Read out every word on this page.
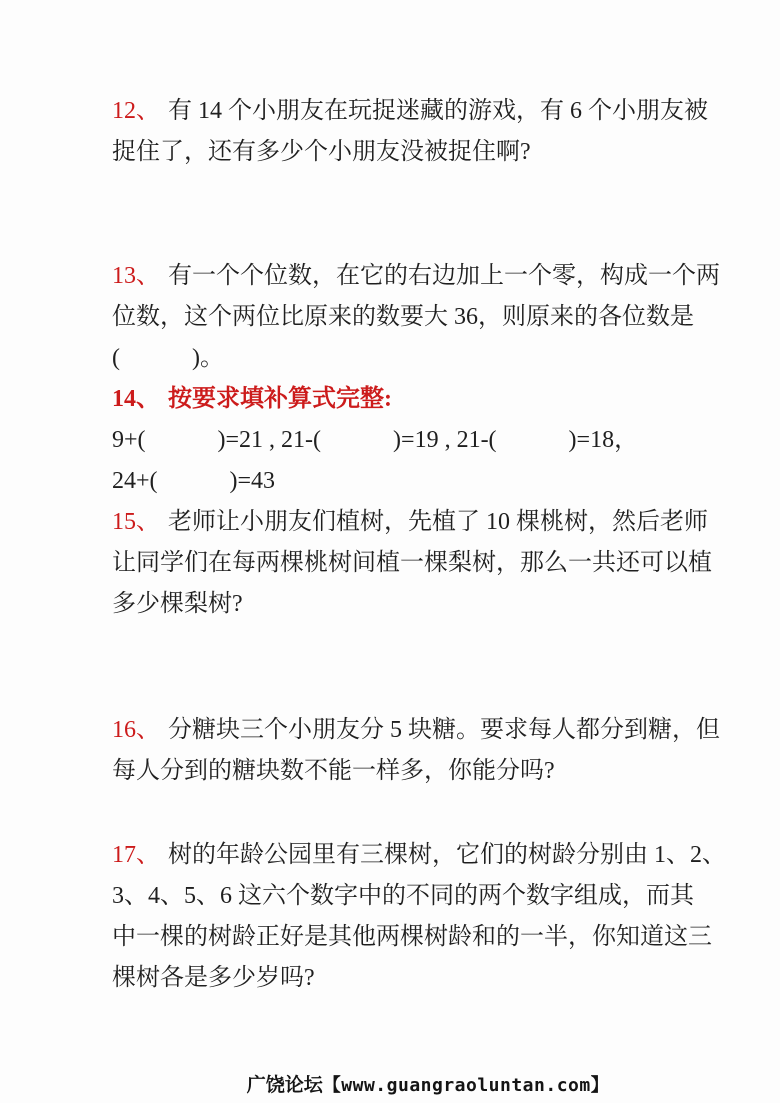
12、 有 14 个小朋友在玩捉迷藏的游戏，有 6 个小朋友被

捉住了，还有多少个小朋友没被捉住啊?

13、 有一个个位数，在它的右边加上一个零，构成一个两

位数，这个两位比原来的数要大 36，则原来的各位数是

(　　　)。

14、 按要求填补算式完整:

9+(　　　)=21 , 21-(　　　)=19 , 21-(　　　)=18，

24+(　　　)=43

15、 老师让小朋友们植树，先植了 10 棵桃树，然后老师

让同学们在每两棵桃树间植一棵梨树，那么一共还可以植

多少棵梨树?

16、 分糖块三个小朋友分 5 块糖。要求每人都分到糖，但

每人分到的糖块数不能一样多，你能分吗?

17、 树的年龄公园里有三棵树，它们的树龄分别由 1、2、

3、4、5、6 这六个数字中的不同的两个数字组成，而其

中一棵的树龄正好是其他两棵树龄和的一半，你知道这三

棵树各是多少岁吗?

广饶论坛【www.guangraoluntan.com】
